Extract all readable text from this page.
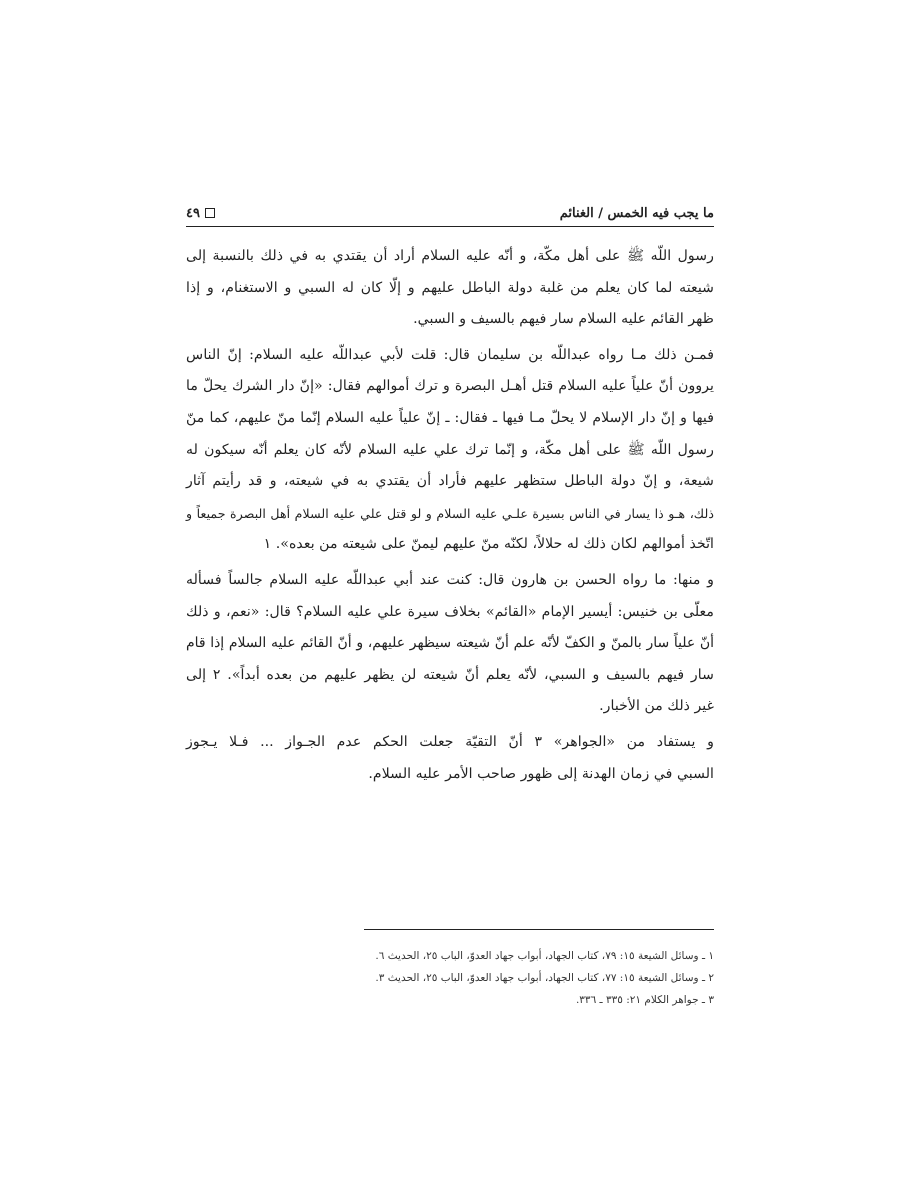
ما يجب فيه الخمس / الغنائم
٤٩
رسول اللّه ﷺ على أهل مكّة، و أنّه عليه السلام أراد أن يقتدي به في ذلك بالنسبة إلى
شيعته لما كان يعلم من غلبة دولة الباطل عليهم و إلّا كان له السبي و الاستغنام، و إذا
ظهر القائم عليه السلام سار فيهم بالسيف و السبي.
فمـن ذلك مـا رواه عبداللّه بن سليمان قال: قلت لأبي عبداللّه عليه السلام: إنّ الناس
يروون أنّ علياً عليه السلام قتل أهـل البصرة و ترك أموالهم فقال: «إنّ دار الشرك يحلّ ما
فيها و إنّ دار الإسلام لا يحلّ مـا فيها ـ فقال: ـ إنّ علياً عليه السلام إنّما منّ عليهم، كما منّ
رسول اللّه ﷺ على أهل مكّة، و إنّما ترك علي عليه السلام لأنّه كان يعلم أنّه سيكون له
شيعة، و إنّ دولة الباطل ستظهر عليهم فأراد أن يقتدي به في شيعته، و قد رأيتم آثار
ذلك، هـو ذا يسار في الناس بسيرة علـي عليه السلام و لو قتل علي عليه السلام أهل البصرة جميعاً و
اتّخذ أموالهم لكان ذلك له حلالاً، لكنّه منّ عليهم ليمنّ على شيعته من بعده». ١
و منها: ما رواه الحسن بن هارون قال: كنت عند أبي عبداللّه عليه السلام جالساً فسأله
معلّى بن خنيس: أيسير الإمام «القائم» بخلاف سيرة علي عليه السلام؟ قال: «نعم، و ذلك
أنّ علياً سار بالمنّ و الكفّ لأنّه علم أنّ شيعته سيظهر عليهم، و أنّ القائم عليه السلام إذا قام
سار فيهم بالسيف و السبي، لأنّه يعلم أنّ شيعته لن يظهر عليهم من بعده أبداً». ٢ إلى
غير ذلك من الأخبار.
و يستفاد من «الجواهر» ٣ أنّ التقيّة جعلت الحكم عدم الجـواز ... فـلا يـجوز
السبي في زمان الهدنة إلى ظهور صاحب الأمر عليه السلام.
١ ـ وسائل الشيعة ١٥: ٧٩، كتاب الجهاد، أبواب جهاد العدوّ، الباب ٢٥، الحديث ٦.
٢ ـ وسائل الشيعة ١٥: ٧٧، كتاب الجهاد، أبواب جهاد العدوّ، الباب ٢٥، الحديث ٣.
٣ ـ جواهر الكلام ٢١: ٣٣٥ ـ ٣٣٦.
